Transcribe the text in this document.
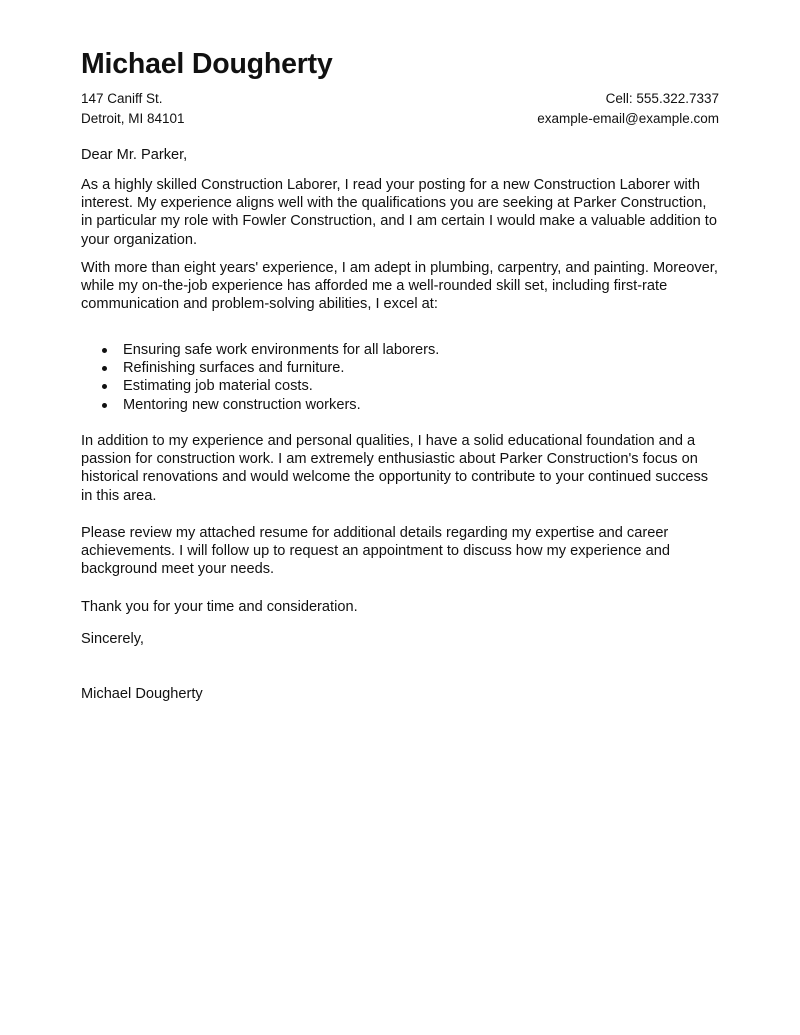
Michael Dougherty
147 Caniff St.	Cell: 555.322.7337
Detroit, MI 84101	example-email@example.com

Dear Mr. Parker,

As a highly skilled Construction Laborer, I read your posting for a new Construction Laborer with interest. My experience aligns well with the qualifications you are seeking at Parker Construction, in particular my role with Fowler Construction, and I am certain I would make a valuable addition to your organization.

With more than eight years' experience, I am adept in plumbing, carpentry, and painting. Moreover, while my on-the-job experience has afforded me a well-rounded skill set, including first-rate communication and problem-solving abilities, I excel at:

Ensuring safe work environments for all laborers.
Refinishing surfaces and furniture.
Estimating job material costs.
Mentoring new construction workers.

In addition to my experience and personal qualities, I have a solid educational foundation and a passion for construction work. I am extremely enthusiastic about Parker Construction's focus on historical renovations and would welcome the opportunity to contribute to your continued success in this area.

Please review my attached resume for additional details regarding my expertise and career achievements. I will follow up to request an appointment to discuss how my experience and background meet your needs.

Thank you for your time and consideration.

Sincerely,

Michael Dougherty
